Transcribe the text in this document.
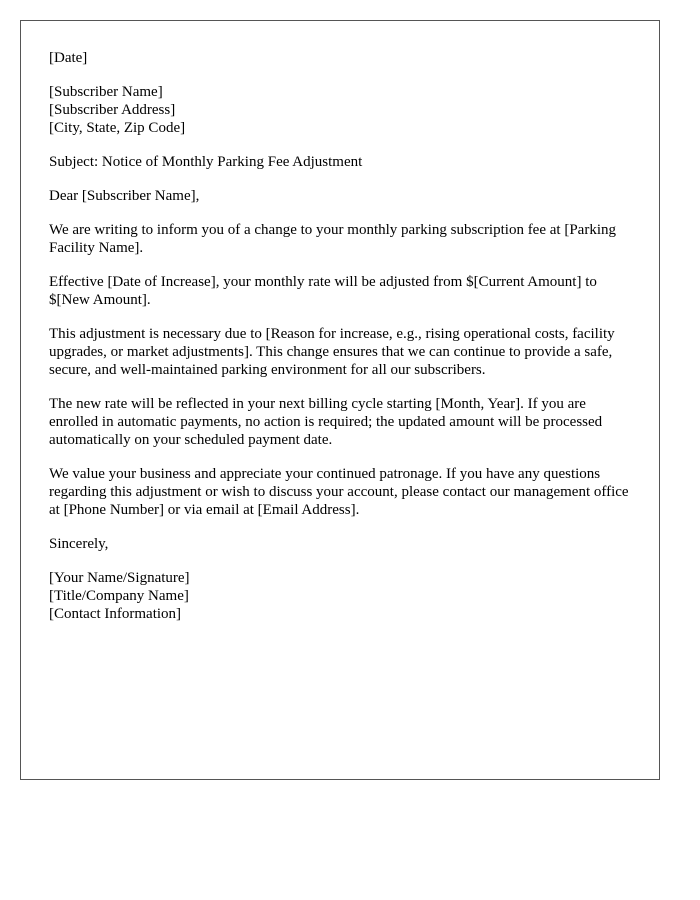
[Date]
[Subscriber Name]
[Subscriber Address]
[City, State, Zip Code]
Subject: Notice of Monthly Parking Fee Adjustment
Dear [Subscriber Name],

We are writing to inform you of a change to your monthly parking subscription fee at [Parking Facility Name].

Effective [Date of Increase], your monthly rate will be adjusted from $[Current Amount] to $[New Amount].

This adjustment is necessary due to [Reason for increase, e.g., rising operational costs, facility upgrades, or market adjustments]. This change ensures that we can continue to provide a safe, secure, and well-maintained parking environment for all our subscribers.

The new rate will be reflected in your next billing cycle starting [Month, Year]. If you are enrolled in automatic payments, no action is required; the updated amount will be processed automatically on your scheduled payment date.

We value your business and appreciate your continued patronage. If you have any questions regarding this adjustment or wish to discuss your account, please contact our management office at [Phone Number] or via email at [Email Address].

Sincerely,
[Your Name/Signature]
[Title/Company Name]
[Contact Information]
